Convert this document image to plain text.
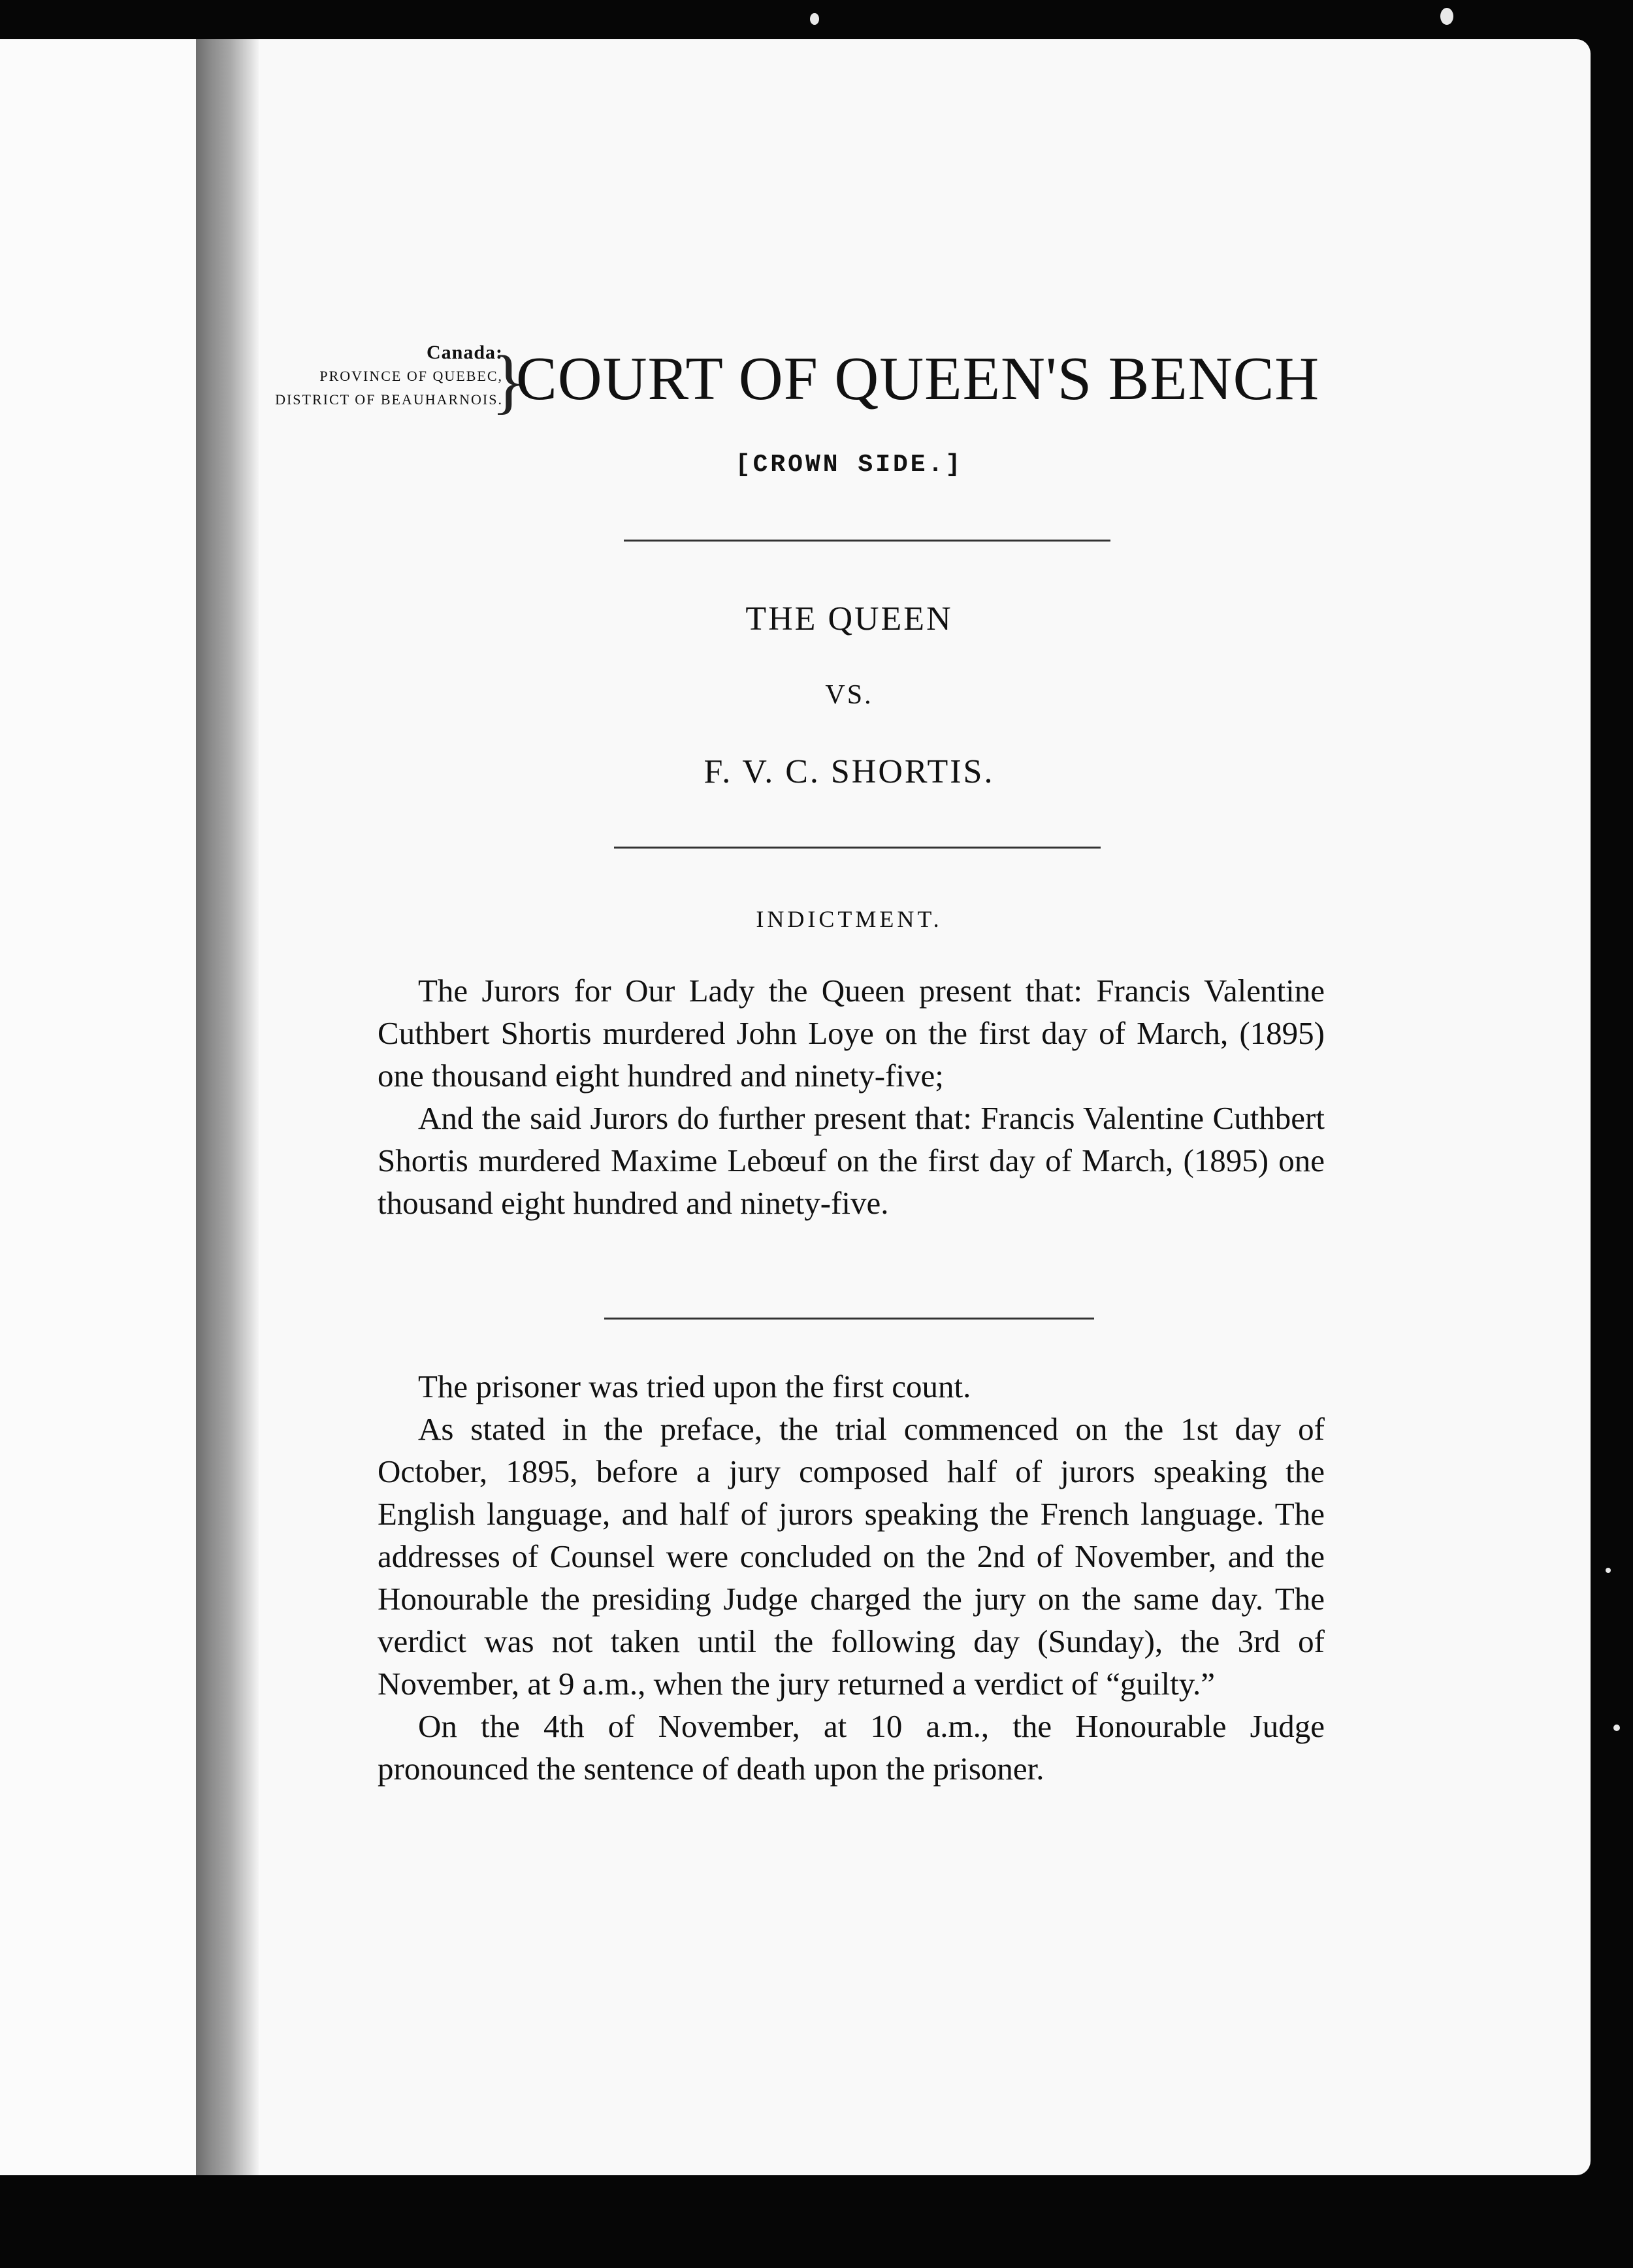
Canada:
PROVINCE OF QUEBEC,
DISTRICT OF BEAUHARNOIS.
}
COURT OF QUEEN'S BENCH
[CROWN SIDE.]
THE QUEEN
VS.
F. V. C. SHORTIS.
INDICTMENT.

The Jurors for Our Lady the Queen present that: Francis Valentine Cuthbert Shortis murdered John Loye on the first day of March, (1895) one thousand eight hundred and ninety-five;

And the said Jurors do further present that: Francis Valentine Cuthbert Shortis murdered Maxime Lebœuf on the first day of March, (1895) one thousand eight hundred and ninety-five.

The prisoner was tried upon the first count.

As stated in the preface, the trial commenced on the 1st day of October, 1895, before a jury composed half of jurors speaking the English language, and half of jurors speaking the French language. The addresses of Counsel were concluded on the 2nd of November, and the Honourable the presiding Judge charged the jury on the same day. The verdict was not taken until the following day (Sunday), the 3rd of November, at 9 a.m., when the jury returned a verdict of “guilty.”

On the 4th of November, at 10 a.m., the Honourable Judge pronounced the sentence of death upon the prisoner.
